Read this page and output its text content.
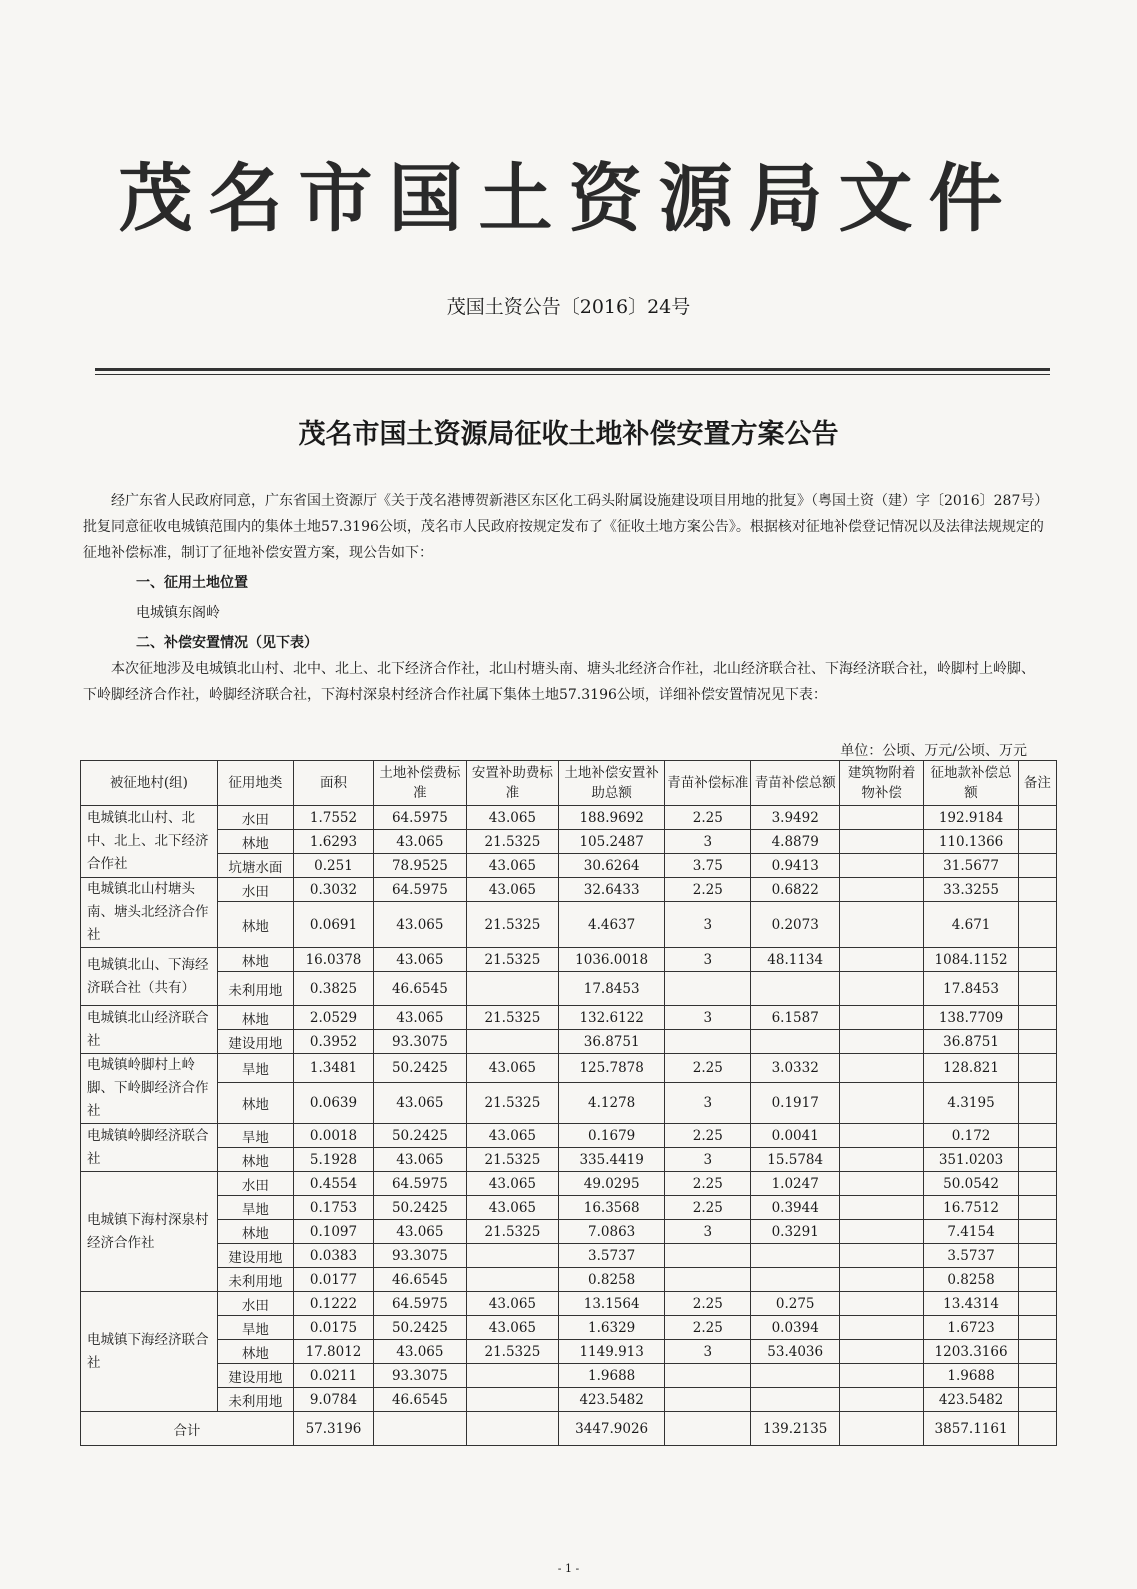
茂名市国土资源局文件
茂国土资公告〔2016〕24号
茂名市国土资源局征收土地补偿安置方案公告

经广东省人民政府同意，广东省国土资源厅《关于茂名港博贺新港区东区化工码头附属设施建设项目用地的批复》（粤国土资（建）字〔2016〕287号）批复同意征收电城镇范围内的集体土地57.3196公顷，茂名市人民政府按规定发布了《征收土地方案公告》。根据核对征地补偿登记情况以及法律法规规定的征地补偿标准，制订了征地补偿安置方案，现公告如下：

一、征用土地位置

电城镇东阁岭

二、补偿安置情况（见下表）

本次征地涉及电城镇北山村、北中、北上、北下经济合作社，北山村塘头南、塘头北经济合作社，北山经济联合社、下海经济联合社，岭脚村上岭脚、下岭脚经济合作社，岭脚经济联合社，下海村深泉村经济合作社属下集体土地57.3196公顷，详细补偿安置情况见下表：

单位：公顷、万元/公顷、万元
被征地村(组)	征用地类	面积	土地补偿费标准	安置补助费标准	土地补偿安置补助总额	青苗补偿标准	青苗补偿总额	建筑物附着物补偿	征地款补偿总额	备注
电城镇北山村、北中、北上、北下经济合作社	水田	1.7552	64.5975	43.065	188.9692	2.25	3.9492		192.9184	
	林地	1.6293	43.065	21.5325	105.2487	3	4.8879		110.1366	
	坑塘水面	0.251	78.9525	43.065	30.6264	3.75	0.9413		31.5677	
电城镇北山村塘头南、塘头北经济合作社	水田	0.3032	64.5975	43.065	32.6433	2.25	0.6822		33.3255	
	林地	0.0691	43.065	21.5325	4.4637	3	0.2073		4.671	
电城镇北山、下海经济联合社（共有）	林地	16.0378	43.065	21.5325	1036.0018	3	48.1134		1084.1152	
	未利用地	0.3825	46.6545		17.8453				17.8453	
电城镇北山经济联合社	林地	2.0529	43.065	21.5325	132.6122	3	6.1587		138.7709	
	建设用地	0.3952	93.3075		36.8751				36.8751	
电城镇岭脚村上岭脚、下岭脚经济合作社	旱地	1.3481	50.2425	43.065	125.7878	2.25	3.0332		128.821	
	林地	0.0639	43.065	21.5325	4.1278	3	0.1917		4.3195	
电城镇岭脚经济联合社	旱地	0.0018	50.2425	43.065	0.1679	2.25	0.0041		0.172	
	林地	5.1928	43.065	21.5325	335.4419	3	15.5784		351.0203	
电城镇下海村深泉村经济合作社	水田	0.4554	64.5975	43.065	49.0295	2.25	1.0247		50.0542	
	旱地	0.1753	50.2425	43.065	16.3568	2.25	0.3944		16.7512	
	林地	0.1097	43.065	21.5325	7.0863	3	0.3291		7.4154	
	建设用地	0.0383	93.3075		3.5737				3.5737	
	未利用地	0.0177	46.6545		0.8258				0.8258	
电城镇下海经济联合社	水田	0.1222	64.5975	43.065	13.1564	2.25	0.275		13.4314	
	旱地	0.0175	50.2425	43.065	1.6329	2.25	0.0394		1.6723	
	林地	17.8012	43.065	21.5325	1149.913	3	53.4036		1203.3166	
	建设用地	0.0211	93.3075		1.9688				1.9688	
	未利用地	9.0784	46.6545		423.5482				423.5482	
合计		57.3196			3447.9026		139.2135		3857.1161	
- 1 -
